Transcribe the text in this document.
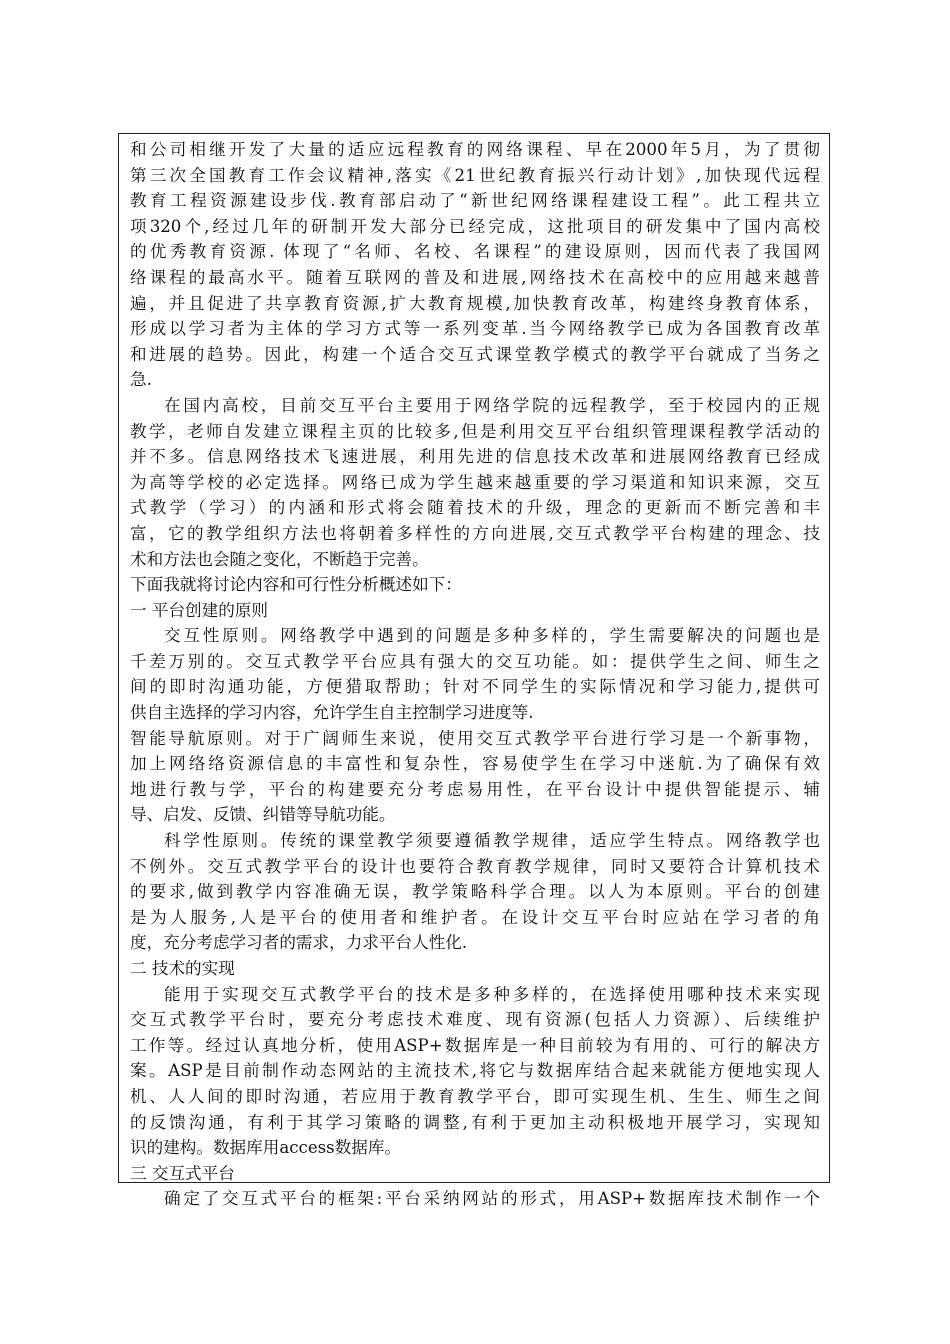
和公司相继开发了大量的适应远程教育的网络课程、早在2000年5月，为了贯彻
第三次全国教育工作会议精神,落实《21世纪教育振兴行动计划》,加快现代远程
教育工程资源建设步伐.教育部启动了“新世纪网络课程建设工程”。此工程共立
项320个,经过几年的研制开发大部分已经完成，这批项目的研发集中了国内高校
的优秀教育资源. 体现了“名师、名校、名课程”的建设原则，因而代表了我国网
络课程的最高水平。随着互联网的普及和进展,网络技术在高校中的应用越来越普
遍，并且促进了共享教育资源,扩大教育规模,加快教育改革，构建终身教育体系，
形成以学习者为主体的学习方式等一系列变革.当今网络教学已成为各国教育改革
和进展的趋势。因此，构建一个适合交互式课堂教学模式的教学平台就成了当务之
急.
在国内高校，目前交互平台主要用于网络学院的远程教学，至于校园内的正规
教学，老师自发建立课程主页的比较多,但是利用交互平台组织管理课程教学活动的
并不多。信息网络技术飞速进展，利用先进的信息技术改革和进展网络教育已经成
为高等学校的必定选择。网络已成为学生越来越重要的学习渠道和知识来源，交互
式教学（学习）的内涵和形式将会随着技术的升级，理念的更新而不断完善和丰
富，它的教学组织方法也将朝着多样性的方向进展,交互式教学平台构建的理念、技
术和方法也会随之变化，不断趋于完善。
下面我就将讨论内容和可行性分析概述如下：
一 平台创建的原则
交互性原则。网络教学中遇到的问题是多种多样的，学生需要解决的问题也是
千差万别的。交互式教学平台应具有强大的交互功能。如：提供学生之间、师生之
间的即时沟通功能，方便猎取帮助；针对不同学生的实际情况和学习能力,提供可
供自主选择的学习内容，允许学生自主控制学习进度等.
智能导航原则。对于广阔师生来说，使用交互式教学平台进行学习是一个新事物，
加上网络络资源信息的丰富性和复杂性，容易使学生在学习中迷航.为了确保有效
地进行教与学，平台的构建要充分考虑易用性，在平台设计中提供智能提示、辅
导、启发、反馈、纠错等导航功能。
科学性原则。传统的课堂教学须要遵循教学规律，适应学生特点。网络教学也
不例外。交互式教学平台的设计也要符合教育教学规律，同时又要符合计算机技术
的要求,做到教学内容准确无误，教学策略科学合理。以人为本原则。平台的创建
是为人服务,人是平台的使用者和维护者。在设计交互平台时应站在学习者的角
度，充分考虑学习者的需求，力求平台人性化.
二 技术的实现
能用于实现交互式教学平台的技术是多种多样的，在选择使用哪种技术来实现
交互式教学平台时，要充分考虑技术难度、现有资源(包括人力资源）、后续维护
工作等。经过认真地分析，使用ASP+数据库是一种目前较为有用的、可行的解决方
案。ASP是目前制作动态网站的主流技术,将它与数据库结合起来就能方便地实现人
机、人人间的即时沟通，若应用于教育教学平台，即可实现生机、生生、师生之间
的反馈沟通，有利于其学习策略的调整,有利于更加主动积极地开展学习，实现知
识的建构。数据库用access数据库。
三 交互式平台
确定了交互式平台的框架:平台采纳网站的形式，用ASP+数据库技术制作一个
